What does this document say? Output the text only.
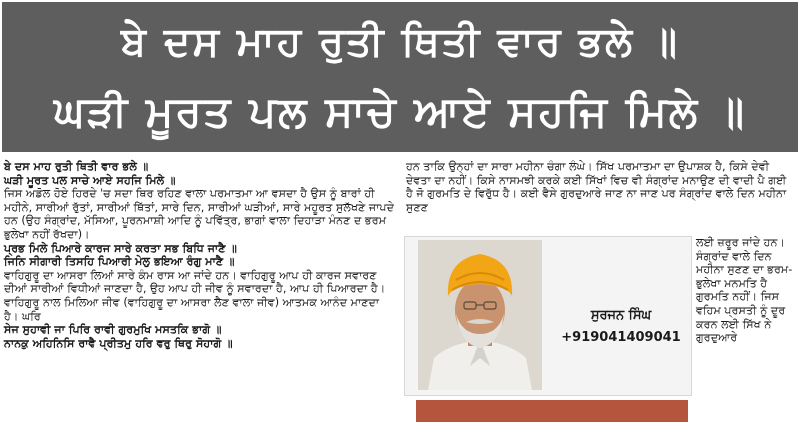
ਬੇ ਦਸ ਮਾਹ ਰੁਤੀ ਥਿਤੀ ਵਾਰ ਭਲੇ ॥
ਘੜੀ ਮੂਰਤ ਪਲ ਸਾਚੇ ਆਏ ਸਹਜਿ ਮਿਲੇ ॥

ਬੇ ਦਸ ਮਾਹ ਰੁਤੀ ਥਿਤੀ ਵਾਰ ਭਲੇ ॥

ਘੜੀ ਮੂਰਤ ਪਲ ਸਾਚੇ ਆਏ ਸਹਜਿ ਮਿਲੇ ॥

ਜਿਸ ਅਡੋਲ ਹੋਏ ਹਿਰਦੇ 'ਚ ਸਦਾ ਥਿਰ ਰਹਿਣ ਵਾਲਾ ਪਰਮਾਤਮਾ ਆ ਵਸਦਾ ਹੈ ਉਸ ਨੂੰ ਬਾਰਾਂ ਹੀ ਮਹੀਨੇ, ਸਾਰੀਆਂ ਰੁੱਤਾਂ, ਸਾਰੀਆਂ ਥਿੱਤਾਂ, ਸਾਰੇ ਦਿਨ, ਸਾਰੀਆਂ ਘੜੀਆਂ, ਸਾਰੇ ਮਹੂਰਤ ਸੁਲੱਖਣੇ ਜਾਪਦੇ ਹਨ (ਉਹ ਸੰਗ੍ਰਾਂਦ, ਮੱਸਿਆ, ਪੂਰਨਮਾਸ਼ੀ ਆਦਿ ਨੂੰ ਪਵਿੱਤ੍ਰ, ਭਾਗਾਂ ਵਾਲਾ ਦਿਹਾੜਾ ਮੰਨਣ ਦ ਭਰਮ ਭੁਲੇਖਾ ਨਹੀਂ ਰੱਖਦਾ)।

ਪ੍ਰਭ ਮਿਲੇ ਪਿਆਰੇ ਕਾਰਜ ਸਾਰੇ ਕਰਤਾ ਸਭ ਬਿਧਿ ਜਾਣੈ ॥

ਜਿਨਿ ਸੀਗਾਰੀ ਤਿਸਹਿ ਪਿਆਰੀ ਮੇਲੁ ਭਇਆ ਰੰਗੁ ਮਾਣੈ ॥

ਵਾਹਿਗੁਰੂ ਦਾ ਆਸਰਾ ਲਿਆਂ ਸਾਰੇ ਕੰਮ ਰਾਸ ਆ ਜਾਂਦੇ ਹਨ। ਵਾਹਿਗੁਰੂ ਆਪ ਹੀ ਕਾਰਜ ਸਵਾਰਣ ਦੀਆਂ ਸਾਰੀਆਂ ਵਿਧੀਆਂ ਜਾਣਦਾ ਹੈ, ਉਹ ਆਪ ਹੀ ਜੀਵ ਨੂੰ ਸਵਾਰਦਾ ਹੈ, ਆਪ ਹੀ ਪਿਆਰਦਾ ਹੈ। ਵਾਹਿਗੁਰੂ ਨਾਲ ਮਿਲਿਆ ਜੀਵ (ਵਾਹਿਗੁਰੂ ਦਾ ਆਸਰਾ ਲੈਣ ਵਾਲਾ ਜੀਵ) ਆਤਮਕ ਆਨੰਦ ਮਾਣਦਾ ਹੈ। ਘਰਿ

ਸੇਜ ਸੁਹਾਵੀ ਜਾ ਪਿਰਿ ਰਾਵੀ ਗੁਰਮੁਖਿ ਮਸਤਕਿ ਭਾਗੋ ॥

ਨਾਨਕੁ ਅਹਿਨਿਸਿ ਰਾਵੈ ਪ੍ਰੀਤਮੁ ਹਰਿ ਵਰੁ ਥਿਰੁ ਸੋਹਾਗੋ ॥

ਹਨ ਤਾਕਿ ਉਨ੍ਹਾਂ ਦਾ ਸਾਰਾ ਮਹੀਨਾ ਚੰਗਾ ਲੰਘੇ। ਸਿੱਖ ਪਰਮਾਤਮਾ ਦਾ ਉਪਾਸ਼ਕ ਹੈ, ਕਿਸੇ ਦੇਵੀ ਦੇਵਤਾ ਦਾ ਨਹੀਂ। ਕਿਸੇ ਨਾਸਮਝੀ ਕਰਕੇ ਕਈ ਸਿੱਖਾਂ ਵਿਚ ਵੀ ਸੰਗ੍ਰਾਂਦ ਮਨਾਉਣ ਦੀ ਵਾਦੀ ਪੈ ਗਈ ਹੈ ਜੋ ਗੁਰਮਤਿ ਦੇ ਵਿਰੁੱਧ ਹੈ। ਕਈ ਵੈਸੇ ਗੁਰਦੁਆਰੇ ਜਾਣ ਨਾ ਜਾਣ ਪਰ ਸੰਗ੍ਰਾਂਦ ਵਾਲੇ ਦਿਨ ਮਹੀਨਾ ਸੁਣਣ
ਸੁਰਜਨ ਸਿੰਘ
+919041409041
ਲਈ ਜ਼ਰੂਰ ਜਾਂਦੇ ਹਨ। ਸੰਗ੍ਰਾਂਦ ਵਾਲੇ ਦਿਨ ਮਹੀਨਾ ਸੁਣਣ ਦਾ ਭਰਮ-ਭੁਲੇਖਾ ਮਨਮਤਿ ਹੈ ਗੁਰਮਤਿ ਨਹੀਂ। ਜਿਸ ਵਹਿਮ ਪ੍ਰਸਤੀ ਨੂੰ ਦੂਰ ਕਰਨ ਲਈ ਸਿੱਖ ਨੇ ਗੁਰਦੁਆਰੇ
